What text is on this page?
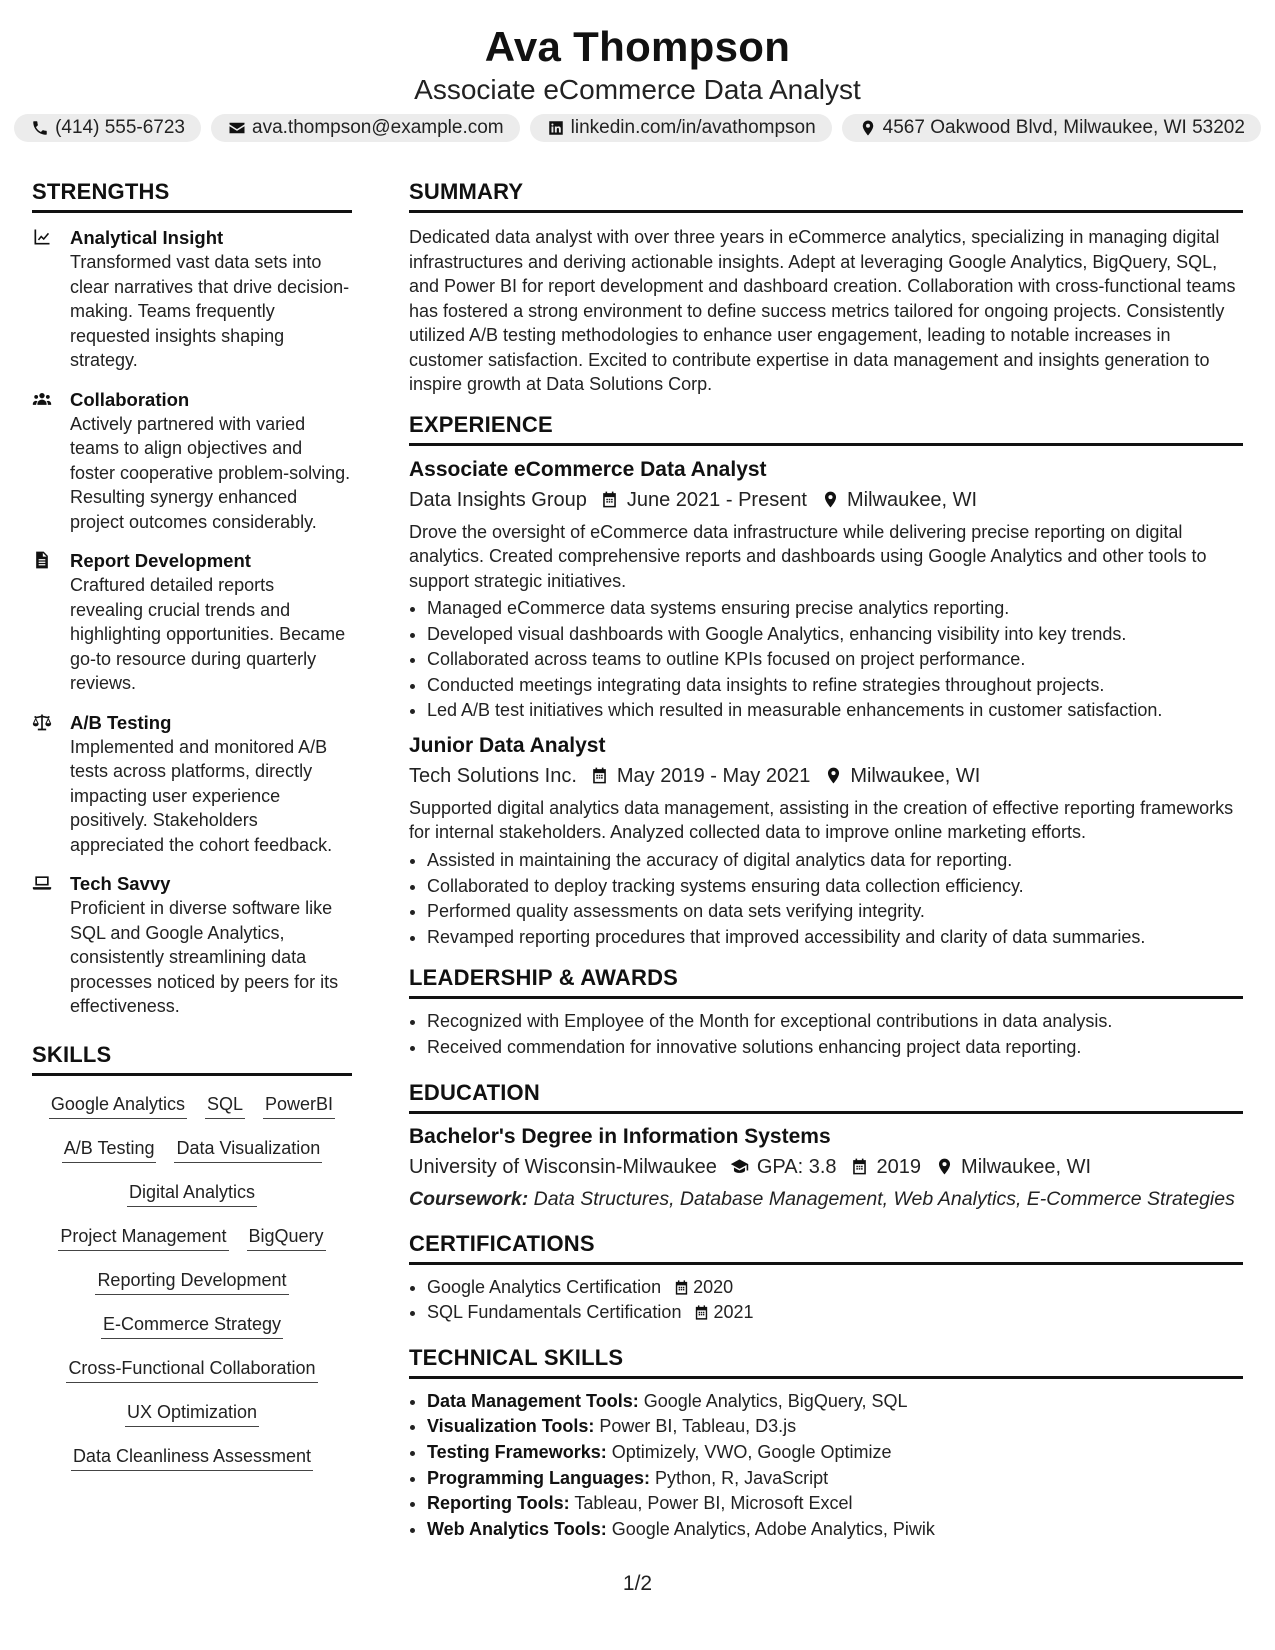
Ava Thompson
Associate eCommerce Data Analyst
(414) 555-6723	ava.thompson@example.com	linkedin.com/in/avathompson	4567 Oakwood Blvd, Milwaukee, WI 53202
STRENGTHS
Analytical Insight
Transformed vast data sets into clear narratives that drive decision-making. Teams frequently requested insights shaping strategy.
Collaboration
Actively partnered with varied teams to align objectives and foster cooperative problem-solving. Resulting synergy enhanced project outcomes considerably.
Report Development
Craftured detailed reports revealing crucial trends and highlighting opportunities. Became go-to resource during quarterly reviews.
A/B Testing
Implemented and monitored A/B tests across platforms, directly impacting user experience positively. Stakeholders appreciated the cohort feedback.
Tech Savvy
Proficient in diverse software like SQL and Google Analytics, consistently streamlining data processes noticed by peers for its effectiveness.
SKILLS
Google Analytics SQL PowerBI
A/B Testing Data Visualization
Digital Analytics
Project Management BigQuery
Reporting Development
E-Commerce Strategy
Cross-Functional Collaboration
UX Optimization
Data Cleanliness Assessment
SUMMARY
Dedicated data analyst with over three years in eCommerce analytics, specializing in managing digital infrastructures and deriving actionable insights. Adept at leveraging Google Analytics, BigQuery, SQL, and Power BI for report development and dashboard creation. Collaboration with cross-functional teams has fostered a strong environment to define success metrics tailored for ongoing projects. Consistently utilized A/B testing methodologies to enhance user engagement, leading to notable increases in customer satisfaction. Excited to contribute expertise in data management and insights generation to inspire growth at Data Solutions Corp.
EXPERIENCE
Associate eCommerce Data Analyst
Data Insights Group June 2021 - Present Milwaukee, WI
Drove the oversight of eCommerce data infrastructure while delivering precise reporting on digital analytics. Created comprehensive reports and dashboards using Google Analytics and other tools to support strategic initiatives.
• Managed eCommerce data systems ensuring precise analytics reporting.
• Developed visual dashboards with Google Analytics, enhancing visibility into key trends.
• Collaborated across teams to outline KPIs focused on project performance.
• Conducted meetings integrating data insights to refine strategies throughout projects.
• Led A/B test initiatives which resulted in measurable enhancements in customer satisfaction.
Junior Data Analyst
Tech Solutions Inc. May 2019 - May 2021 Milwaukee, WI
Supported digital analytics data management, assisting in the creation of effective reporting frameworks for internal stakeholders. Analyzed collected data to improve online marketing efforts.
• Assisted in maintaining the accuracy of digital analytics data for reporting.
• Collaborated to deploy tracking systems ensuring data collection efficiency.
• Performed quality assessments on data sets verifying integrity.
• Revamped reporting procedures that improved accessibility and clarity of data summaries.
LEADERSHIP & AWARDS
• Recognized with Employee of the Month for exceptional contributions in data analysis.
• Received commendation for innovative solutions enhancing project data reporting.
EDUCATION
Bachelor's Degree in Information Systems
University of Wisconsin-Milwaukee GPA: 3.8 2019 Milwaukee, WI
Coursework: Data Structures, Database Management, Web Analytics, E-Commerce Strategies
CERTIFICATIONS
• Google Analytics Certification 2020
• SQL Fundamentals Certification 2021
TECHNICAL SKILLS
• Data Management Tools: Google Analytics, BigQuery, SQL
• Visualization Tools: Power BI, Tableau, D3.js
• Testing Frameworks: Optimizely, VWO, Google Optimize
• Programming Languages: Python, R, JavaScript
• Reporting Tools: Tableau, Power BI, Microsoft Excel
• Web Analytics Tools: Google Analytics, Adobe Analytics, Piwik
1/2
